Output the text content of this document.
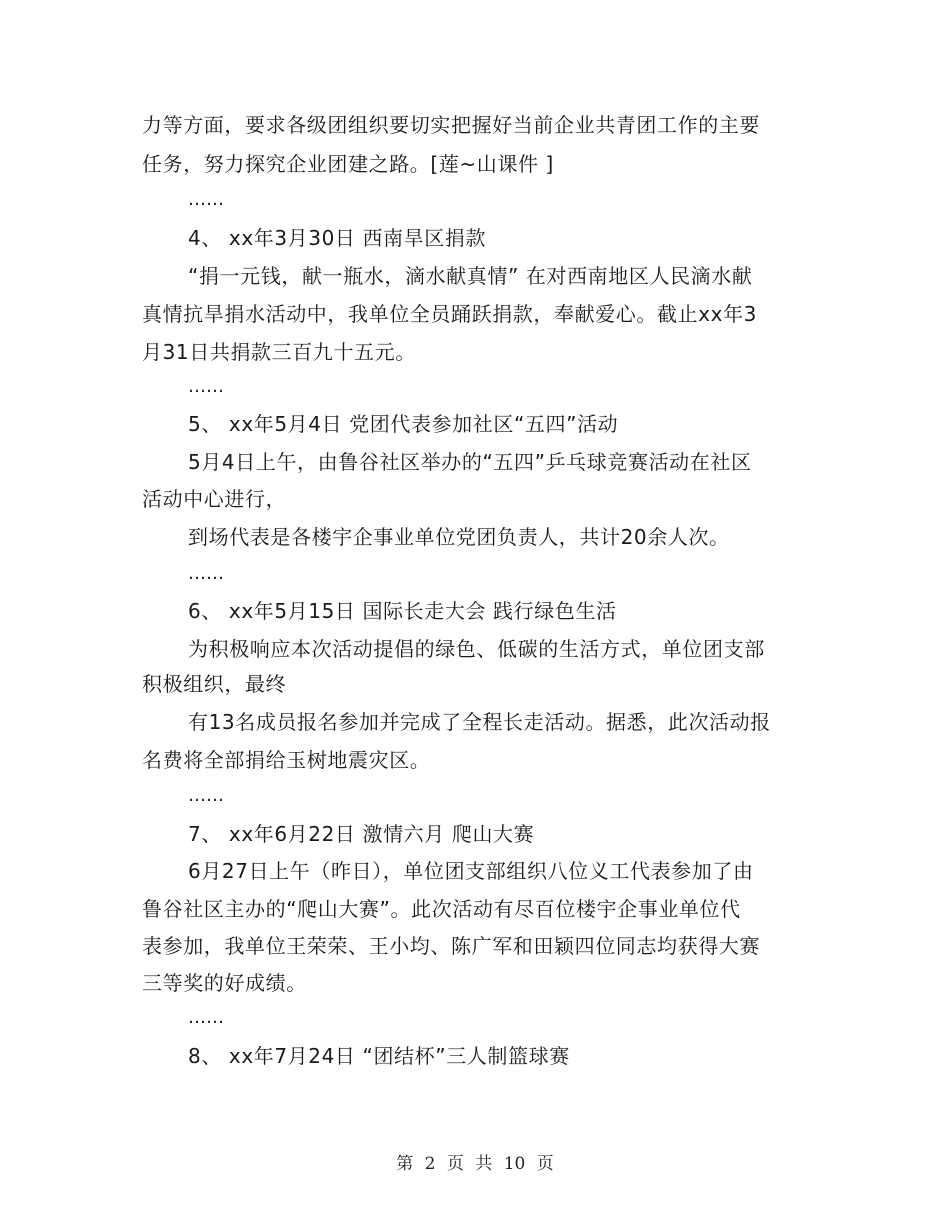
力等方面，要求各级团组织要切实把握好当前企业共青团工作的主要
任务，努力探究企业团建之路。[莲~山课件 ]
……
4、 xx年3月30日 西南旱区捐款
“捐一元钱，献一瓶水，滴水献真情” 在对西南地区人民滴水献
真情抗旱捐水活动中，我单位全员踊跃捐款，奉献爱心。截止xx年3
月31日共捐款三百九十五元。
……
5、 xx年5月4日 党团代表参加社区“五四”活动
5月4日上午，由鲁谷社区举办的“五四”乒乓球竞赛活动在社区
活动中心进行，
到场代表是各楼宇企事业单位党团负责人，共计20余人次。
……
6、 xx年5月15日 国际长走大会 践行绿色生活
为积极响应本次活动提倡的绿色、低碳的生活方式，单位团支部
积极组织，最终
有13名成员报名参加并完成了全程长走活动。据悉，此次活动报
名费将全部捐给玉树地震灾区。
……
7、 xx年6月22日 激情六月 爬山大赛
6月27日上午（昨日），单位团支部组织八位义工代表参加了由
鲁谷社区主办的“爬山大赛”。此次活动有尽百位楼宇企事业单位代
表参加，我单位王荣荣、王小均、陈广军和田颖四位同志均获得大赛
三等奖的好成绩。
……
8、 xx年7月24日 “团结杯”三人制篮球赛
第 2 页 共 10 页
